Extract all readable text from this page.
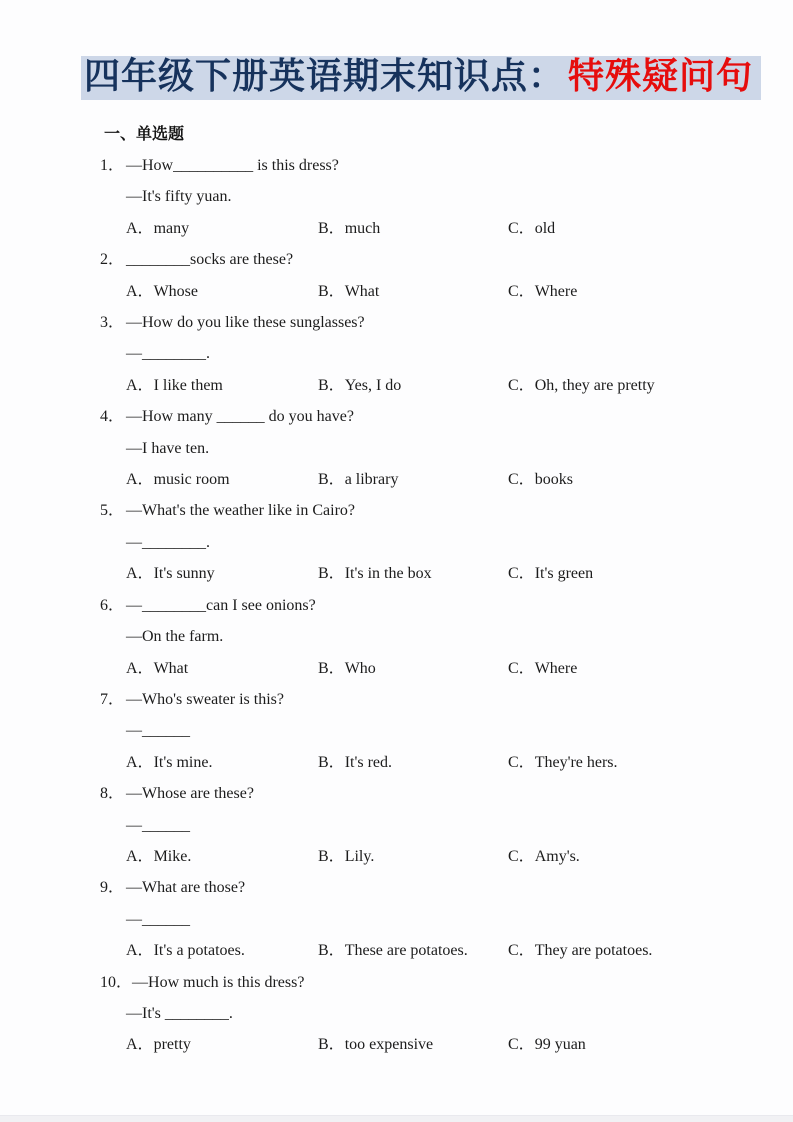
四年级下册英语期末知识点：特殊疑问句
一、单选题
1． —How__________ is this dress?
—It's fifty yuan.
A．many	B．much	C．old
2． ________socks are these?
A．Whose	B．What	C．Where
3． —How do you like these sunglasses?
—________.
A．I like them	B．Yes, I do	C．Oh, they are pretty
4． —How many ______ do you have?
—I have ten.
A．music room	B．a library	C．books
5． —What's the weather like in Cairo?
—________.
A．It's sunny	B．It's in the box	C．It's green
6． —________can I see onions?
—On the farm.
A．What	B．Who	C．Where
7． —Who's sweater is this?
—______
A．It's mine.	B．It's red.	C．They're hers.
8． —Whose are these?
—______
A．Mike.	B．Lily.	C．Amy's.
9． —What are those?
—______
A．It's a potatoes.	B．These are potatoes.	C．They are potatoes.
10．—How much is this dress?
—It's ________.
A．pretty	B．too expensive	C．99 yuan
